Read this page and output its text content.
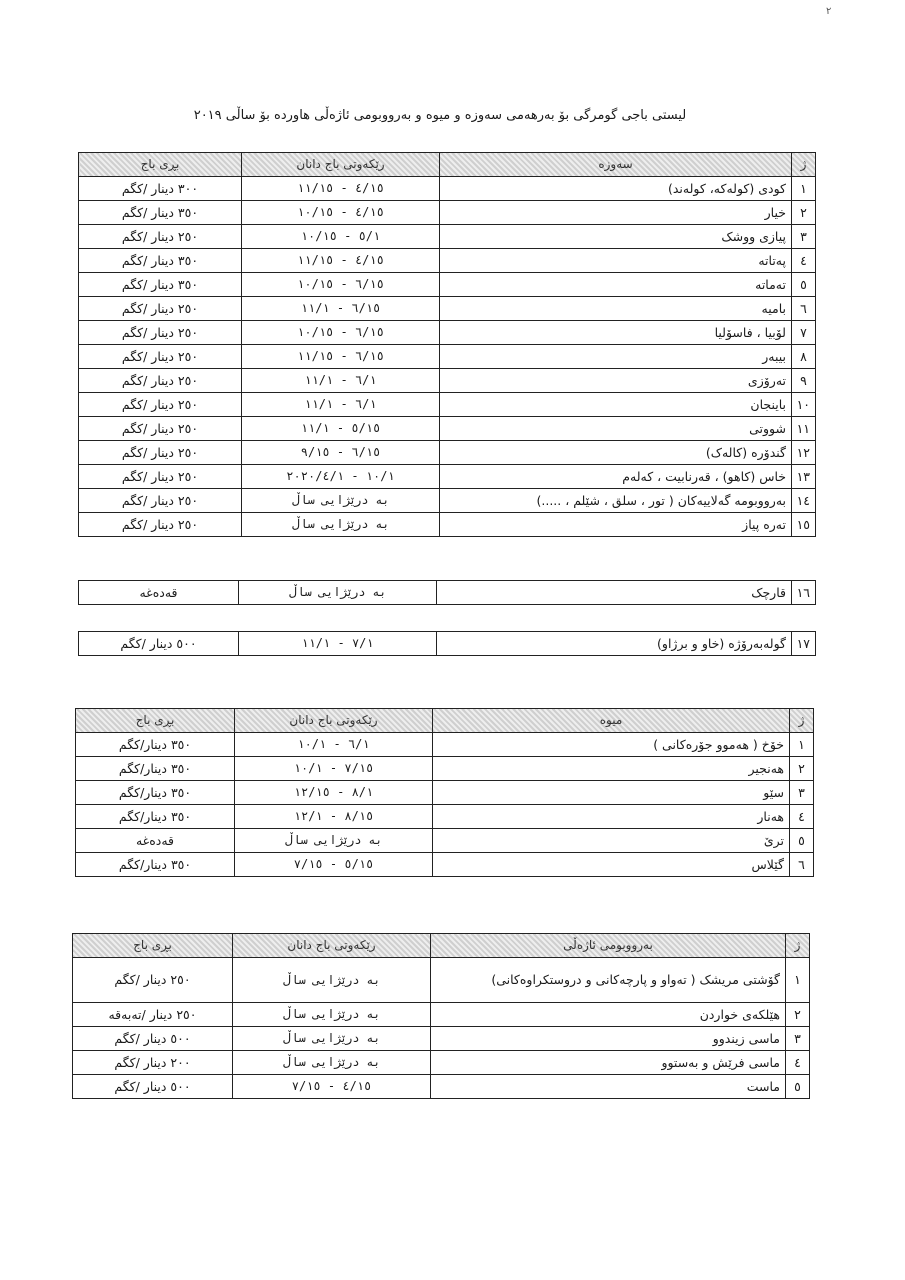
٢
لیستی باجی گومرگی بۆ بەرهەمی سەوزە و میوە و بەرووبومی ئاژەڵی هاوردە بۆ ساڵی ٢٠١٩
ژ	سەوزە	رێکەوتی باج دانان	بڕی باج
١	کودی (کولەکە، کولەند)	٤/١٥ - ١١/١٥	٣٠٠ دینار /کگم
٢	خیار	٤/١٥ - ١٠/١٥	٣٥٠ دینار /کگم
٣	پیازی ووشک	٥/١ - ١٠/١٥	٢٥٠ دینار /کگم
٤	پەتاتە	٤/١٥ - ١١/١٥	٣٥٠ دینار /کگم
٥	تەماتە	٦/١٥ - ١٠/١٥	٣٥٠ دینار /کگم
٦	بامیە	٦/١٥ - ١١/١	٢٥٠ دینار /کگم
٧	لۆبیا ، فاسۆلیا	٦/١٥ - ١٠/١٥	٢٥٠ دینار /کگم
٨	بیبەر	٦/١٥ - ١١/١٥	٢٥٠ دینار /کگم
٩	تەرۆزی	٦/١ - ١١/١	٢٥٠ دینار /کگم
١٠	باینجان	٦/١ - ١١/١	٢٥٠ دینار /کگم
١١	شووتی	٥/١٥ - ١١/١	٢٥٠ دینار /کگم
١٢	گندۆرە (کالەک)	٦/١٥ - ٩/١٥	٢٥٠ دینار /کگم
١٣	خاس (کاهو) ، قەرنابیت ، کەلەم	١٠/١ - ٢٠٢٠/٤/١	٢٥٠ دینار /کگم
١٤	بەرووبومە گەلاییەکان ( تور ، سلق ، شێلم ، .....)	بە درێژایی ساڵ	٢٥٠ دینار /کگم
١٥	تەرە پیاز	بە درێژایی ساڵ	٢٥٠ دینار /کگم
١٦	قارچک	بە درێژایی ساڵ	قەدەغە
١٧	گولەبەرۆژە (خاو و برژاو)	٧/١ - ١١/١	٥٠٠ دینار /کگم
ژ	میوە	رێکەوتی باج دانان	بڕی باج
١	خۆخ ( هەموو جۆرەکانی )	٦/١ - ١٠/١	٣٥٠ دینار/کگم
٢	هەنجیر	٧/١٥ - ١٠/١	٣٥٠ دینار/کگم
٣	سێو	٨/١ - ١٢/١٥	٣٥٠ دینار/کگم
٤	هەنار	٨/١٥ - ١٢/١	٣٥٠ دینار/کگم
٥	ترێ	بە درێژایی ساڵ	قەدەغە
٦	گێلاس	٥/١٥ - ٧/١٥	٣٥٠ دینار/کگم
ژ	بەرووبومی ئاژەڵی	رێکەوتی باج دانان	بڕی باج
١	گۆشتی مریشک ( تەواو و پارچەکانی و دروستکراوەکانی)	بە درێژایی ساڵ	٢٥٠ دینار /کگم
٢	هێلکەی خواردن	بە درێژایی ساڵ	٢٥٠ دینار /تەبەقە
٣	ماسی زیندوو	بە درێژایی ساڵ	٥٠٠ دینار /کگم
٤	ماسی فرێش و بەستوو	بە درێژایی ساڵ	٢٠٠ دینار /کگم
٥	ماست	٤/١٥ - ٧/١٥	٥٠٠ دینار /کگم
